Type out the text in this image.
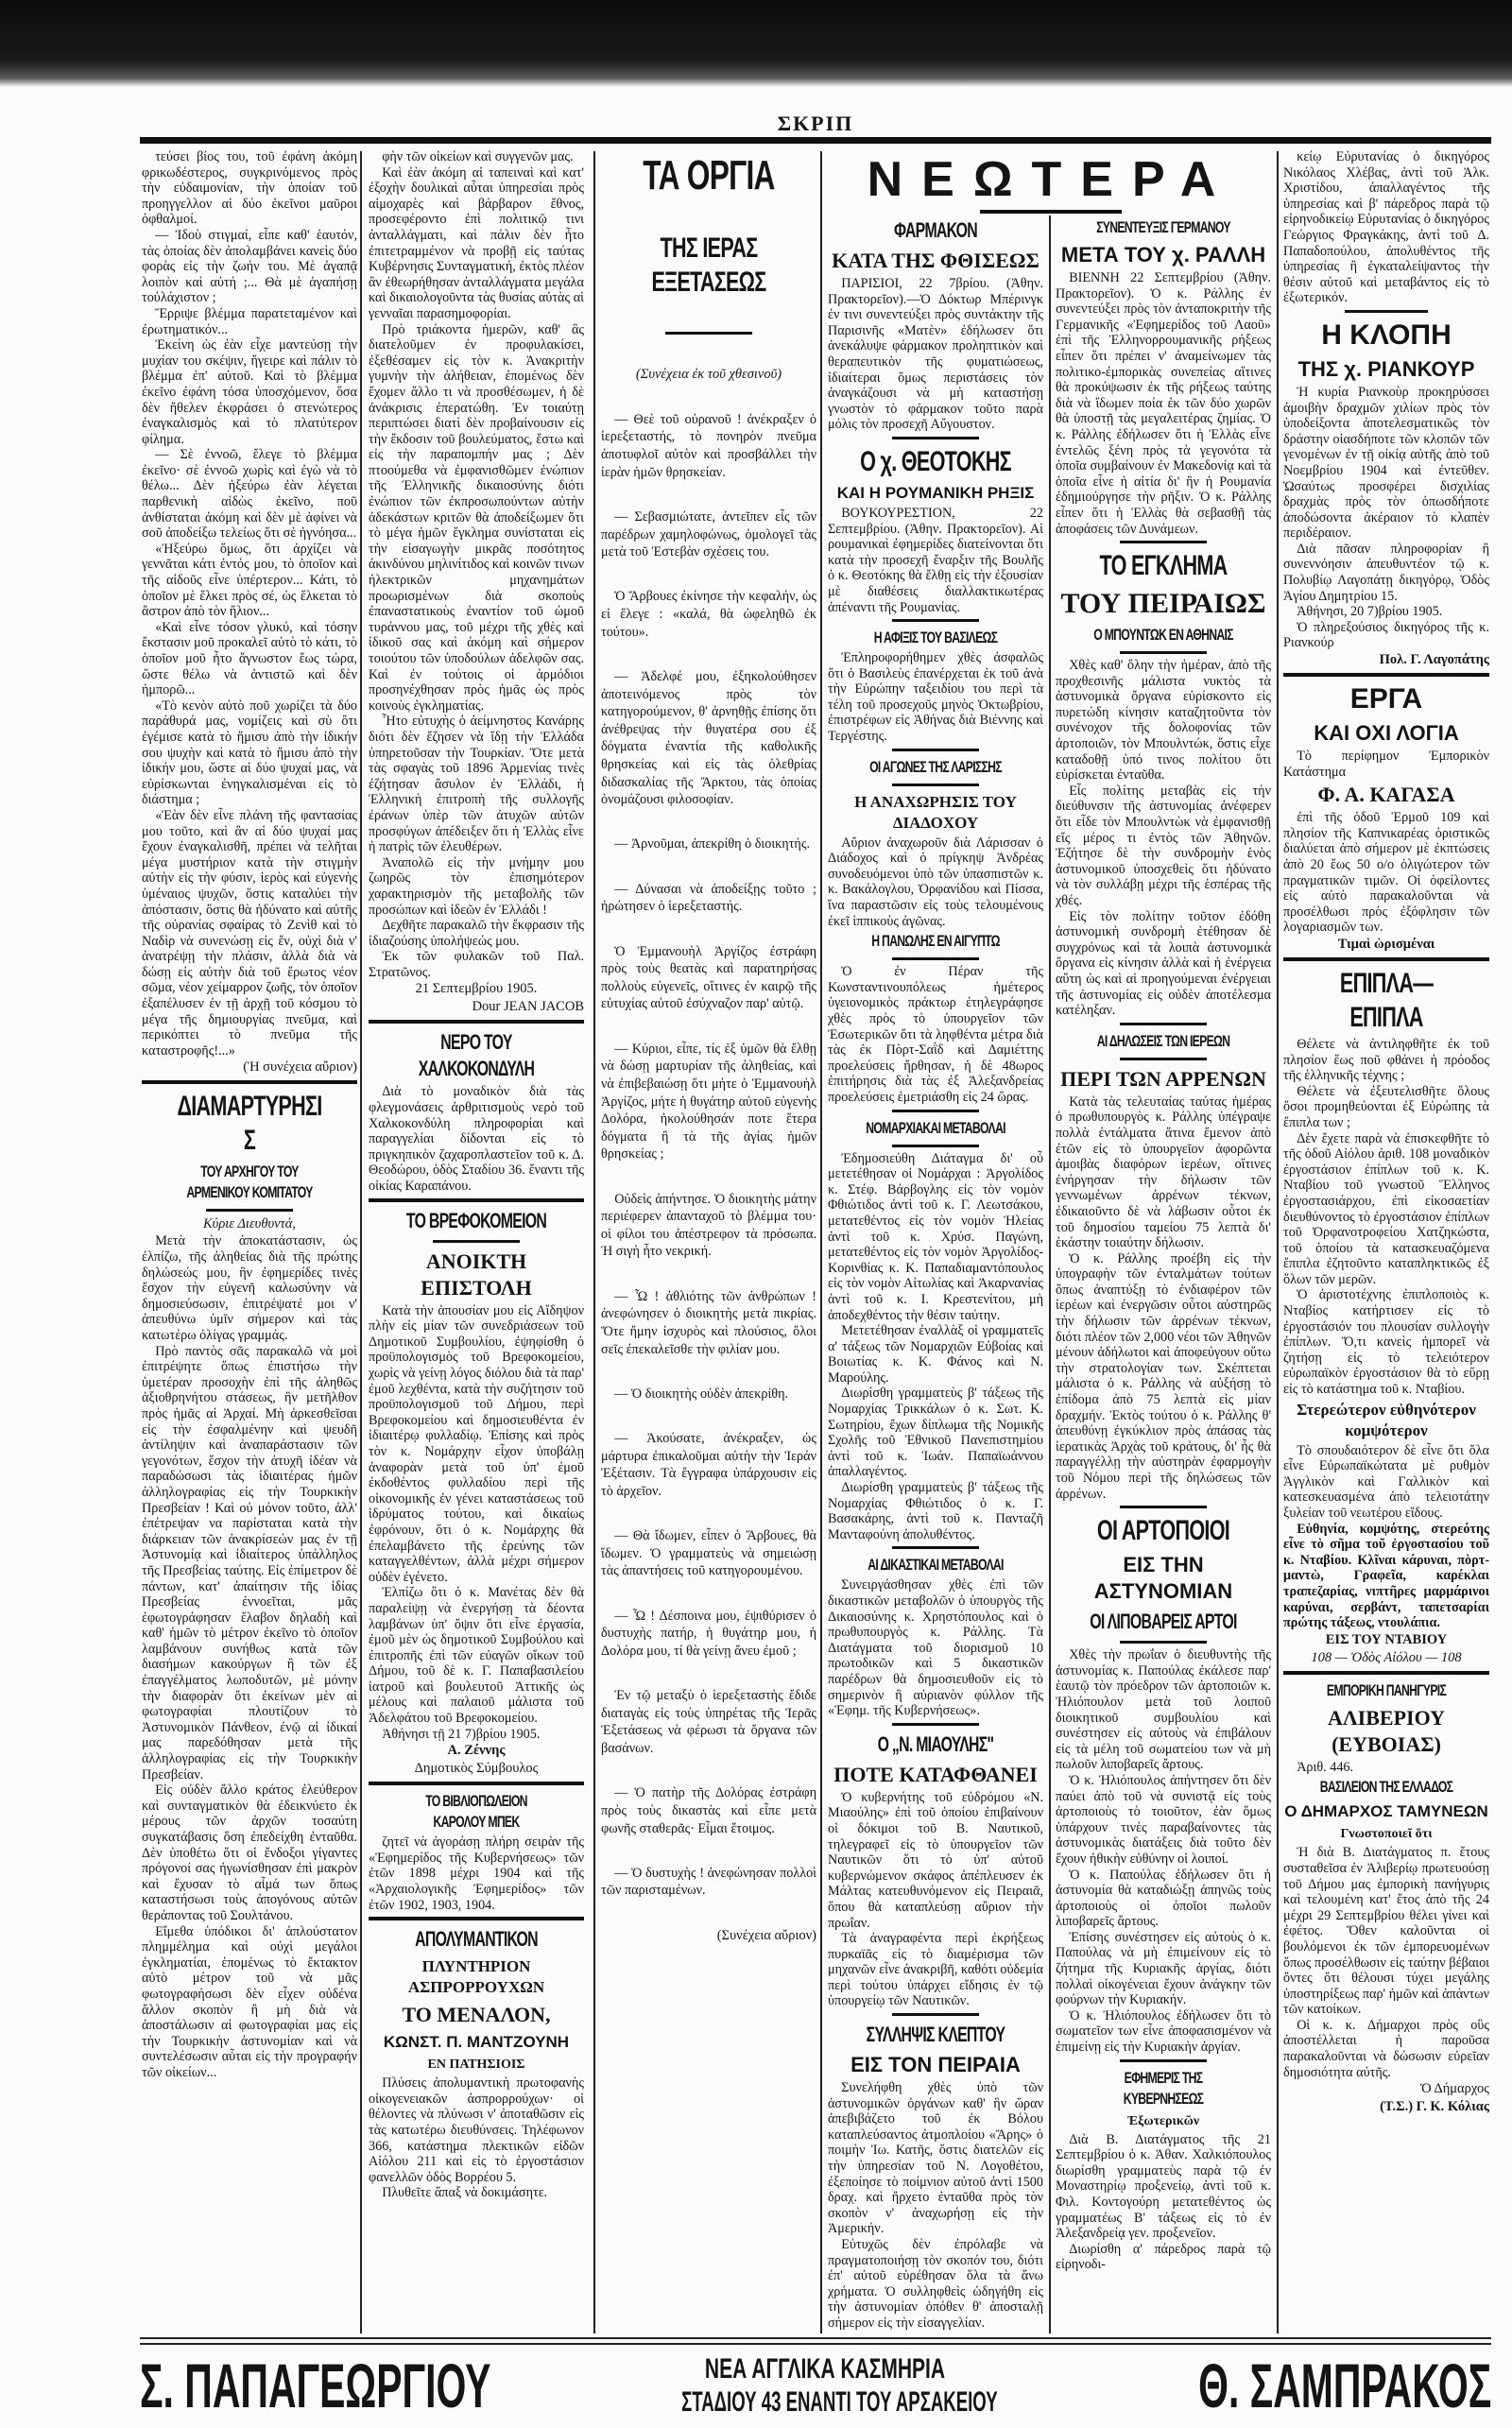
ΣΚΡΙΠ
ΝΕΩΤΕΡΑ

τεύσει βίος του, τοῦ ἐφάνη ἀκόμη φρικωδέστερος, συγκρινόμενος πρὸς τὴν εὐδαιμονίαν, τὴν ὁποίαν τοῦ προηγγελλον αἱ δύο ἐκεῖνοι μαῦροι ὀφθαλμοί.

— Ἰδοὺ στιγμαί, εἶπε καθ' ἑαυτόν, τὰς ὁποίας δὲν ἀπολαμβάνει κανεὶς δύο φορὰς εἰς τὴν ζωήν του. Μὲ ἀγαπᾷ λοιπὸν καὶ αὐτή ;... Θὰ μὲ ἀγαπήσῃ τοὐλάχιστον ;

Ἔρριψε βλέμμα παρατεταμένον καὶ ἐρωτηματικόν...

Ἐκείνη ὡς ἐὰν εἶχε μαντεύσῃ τὴν μυχίαν του σκέψιν, ἤγειρε καὶ πάλιν τὸ βλέμμα ἐπ' αὐτοῦ. Καὶ τὸ βλέμμα ἐκεῖνο ἐφάνη τόσα ὑποσχόμενον, ὅσα δὲν ἤθελεν ἐκφράσει ὁ στενώτερος ἐναγκαλισμὸς καὶ τὸ πλατύτερον φίλημα.

— Σὲ ἐννοῶ, ἔλεγε τὸ βλέμμα ἐκεῖνο· σὲ ἐννοῶ χωρὶς καὶ ἐγὼ νὰ τὸ θέλω... Δὲν ἠξεύρω ἐὰν λέγεται παρθενικὴ αἰδὼς ἐκεῖνο, ποῦ ἀνθίσταται ἀκόμη καὶ δὲν μὲ ἀφίνει νὰ σοῦ ἀποδείξω τελείως ὅτι σὲ ἠγνόησα...

«Ἠξεύρω ὅμως, ὅτι ἀρχίζει νὰ γεννᾶται κάτι ἐντός μου, τὸ ὁποῖον καὶ τῆς αἰδοῦς εἶνε ὑπέρτερον... Κάτι, τὸ ὁποῖον μὲ ἕλκει πρὸς σέ, ὡς ἕλκεται τὸ ἄστρον ἀπὸ τὸν ἥλιον...

«Καὶ εἶνε τόσον γλυκύ, καὶ τόσην ἔκστασιν μοῦ προκαλεῖ αὐτὸ τὸ κάτι, τὸ ὁποῖον μοῦ ἦτο ἄγνωστον ἕως τώρα, ὥστε θέλω νὰ ἀντιστῶ καὶ δὲν ἠμπορῶ...

«Τὸ κενὸν αὐτὸ ποῦ χωρίζει τὰ δύο παράθυρά μας, νομίζεις καὶ σὺ ὅτι ἐγέμισε κατὰ τὸ ἥμισυ ἀπὸ τὴν ἰδικήν σου ψυχὴν καὶ κατὰ τὸ ἥμισυ ἀπὸ τὴν ἰδικήν μου, ὥστε αἱ δύο ψυχαί μας, νὰ εὑρίσκωνται ἐνηγκαλισμέναι εἰς τὸ διάστημα ;

«Ἐὰν δὲν εἶνε πλάνη τῆς φαντασίας μου τοῦτο, καὶ ἂν αἱ δύο ψυχαί μας ἔχουν ἐναγκαλισθῆ, πρέπει νὰ τελῆται μέγα μυστήριον κατὰ τὴν στιγμὴν αὐτὴν εἰς τὴν φύσιν, ἱερὸς καὶ εὐγενὴς ὑμέναιος ψυχῶν, ὅστις καταλύει τὴν ἀπόστασιν, ὅστις θὰ ἠδύνατο καὶ αὐτῆς τῆς οὐρανίας σφαίρας τὸ Ζενὶθ καὶ τὸ Ναδὶρ νὰ συνενώσῃ εἰς ἕν, οὐχὶ διὰ ν' ἀνατρέψῃ τὴν πλάσιν, ἀλλὰ διὰ νὰ δώσῃ εἰς αὐτὴν διὰ τοῦ ἔρωτος νέον σῶμα, νέον χείμαρρον ζωῆς, τὸν ὁποῖον ἐξαπέλυσεν ἐν τῇ ἀρχῇ τοῦ κόσμου τὸ μέγα τῆς δημιουργίας πνεῦμα, καὶ περικόπτει τὸ πνεῦμα τῆς καταστροφῆς!...»

(Ἡ συνέχεια αὔριον)

ΔΙΑΜΑΡΤΥΡΗΣΙΣ
ΤΟΥ ΑΡΧΗΓΟΥ ΤΟΥ ΑΡΜΕΝΙΚΟΥ ΚΟΜΙΤΑΤΟΥ

Κύριε Διευθυντά,

Μετὰ τὴν ἀποκατάστασιν, ὡς ἐλπίζω, τῆς ἀληθείας διὰ τῆς πρώτης δηλώσεώς μου, ἣν ἐφημερίδες τινὲς ἔσχον τὴν εὐγενῆ καλωσύνην νὰ δημοσιεύσωσιν, ἐπιτρέψατέ μοι ν' ἀπευθύνω ὑμῖν σήμερον καὶ τὰς κατωτέρω ὀλίγας γραμμάς.

Πρὸ παντὸς σᾶς παρακαλῶ νὰ μοὶ ἐπιτρέψητε ὅπως ἐπιστήσω τὴν ὑμετέραν προσοχὴν ἐπὶ τῆς ἀληθῶς ἀξιοθρηνήτου στάσεως, ἣν μετῆλθον πρὸς ἡμᾶς αἱ Ἀρχαί. Μὴ ἀρκεσθεῖσαι εἰς τὴν ἐσφαλμένην καὶ ψευδῆ ἀντίληψιν καὶ ἀναπαράστασιν τῶν γεγονότων, ἔσχον τὴν ἀτυχῆ ἰδέαν νὰ παραδώσωσι τὰς ἰδιαιτέρας ἡμῶν ἀλληλογραφίας εἰς τὴν Τουρκικὴν Πρεσβείαν ! Καὶ οὐ μόνον τοῦτο, ἀλλ' ἐπέτρεψαν να παρίσταται κατὰ τὴν διάρκειαν τῶν ἀνακρίσεών μας ἐν τῇ Ἀστυνομίᾳ καὶ ἰδιαίτερος ὑπάλληλος τῆς Πρεσβείας ταύτης. Εἰς ἐπίμετρον δὲ πάντων, κατ' ἀπαίτησιν τῆς ἰδίας Πρεσβείας ἐννοεῖται, μᾶς ἐφωτογράφησαν ἔλαβον δηλαδὴ καὶ καθ' ἡμῶν τὸ μέτρον ἐκεῖνο τὸ ὁποῖον λαμβάνουν συνήθως κατὰ τῶν διασήμων κακούργων ἢ τῶν ἐξ ἐπαγγέλματος λωποδυτῶν, μὲ μόνην τὴν διαφορὰν ὅτι ἐκείνων μὲν αἱ φωτογραφίαι πλουτίζουν τὸ Ἀστυνομικὸν Πάνθεον, ἐνῷ αἱ ἰδικαί μας παρεδόθησαν μετὰ τῆς ἀλληλογραφίας εἰς τὴν Τουρκικὴν Πρεσβείαν.

Εἰς οὐδὲν ἄλλο κράτος ἐλεύθερον καὶ συνταγματικὸν θὰ ἐδεικνύετο ἐκ μέρους τῶν ἀρχῶν τοσαύτη συγκατάβασις ὅση ἐπεδείχθη ἐνταῦθα. Δὲν ὑποθέτω ὅτι οἱ ἔνδοξοι γίγαντες πρόγονοί σας ἠγωνίσθησαν ἐπὶ μακρὸν καὶ ἔχυσαν τὸ αἷμά των ὅπως καταστήσωσι τοὺς ἀπογόνους αὐτῶν θεράποντας τοῦ Σουλτάνου.

Εἴμεθα ὑπόδικοι δι' ἁπλούστατον πλημμέλημα καὶ οὐχὶ μεγάλοι ἐγκληματίαι, ἑπομένως τὸ ἔκτακτον αὐτὸ μέτρον τοῦ νὰ μᾶς φωτογραφήσωσι δὲν εἶχεν οὐδένα ἄλλον σκοπὸν ἢ μὴ διὰ νὰ ἀποστάλωσιν αἱ φωτογραφίαι μας εἰς τὴν Τουρκικὴν ἀστυνομίαν καὶ νὰ συντελέσωσιν αὗται εἰς τὴν προγραφήν τῶν οἰκείων...

φὴν τῶν οἰκείων καὶ συγγενῶν μας.

Καὶ ἐὰν ἀκόμη αἱ ταπειναὶ καὶ κατ' ἐξοχὴν δουλικαὶ αὗται ὑπηρεσίαι πρὸς αἱμοχαρὲς καὶ βάρβαρον ἔθνος, προσεφέροντο ἐπὶ πολιτικῷ τινι ἀνταλλάγματι, καὶ πάλιν δὲν ἦτο ἐπιτετραμμένον νὰ προβῇ εἰς ταύτας Κυβέρνησις Συνταγματική, ἐκτὸς πλέον ἂν ἐθεωρήθησαν ἀνταλλάγματα μεγάλα καὶ δικαιολογοῦντα τὰς θυσίας αὐτὰς αἱ γενναῖαι παρασημοφορίαι.

Πρὸ τριάκοντα ἡμερῶν, καθ' ἃς διατελοῦμεν ἐν προφυλακίσει, ἐξεθέσαμεν εἰς τὸν κ. Ἀνακριτὴν γυμνὴν τὴν ἀλήθειαν, ἐπομένως δὲν ἔχομεν ἄλλο τι νὰ προσθέσωμεν, ἡ δὲ ἀνάκρισις ἐπερατώθη. Ἐν τοιαύτῃ περιπτώσει διατὶ δὲν προβαίνουσιν εἰς τὴν ἔκδοσιν τοῦ βουλεύματος, ἔστω καὶ εἰς τὴν παραπομπήν μας ; Δὲν πτοούμεθα νὰ ἐμφανισθῶμεν ἐνώπιον τῆς Ἑλληνικῆς δικαιοσύνης διότι ἐνώπιον τῶν ἐκπροσωπούντων αὐτὴν ἀδεκάστων κριτῶν θὰ ἀποδείξωμεν ὅτι τὸ μέγα ἡμῶν ἔγκλημα συνίσταται εἰς τὴν εἰσαγωγὴν μικρᾶς ποσότητος ἀκινδύνου μηλινίτιδος καὶ κοινῶν τινων ἠλεκτρικῶν μηχανημάτων προωρισμένων διὰ σκοποὺς ἐπαναστατικοὺς ἐναντίον τοῦ ὠμοῦ τυράννου μας, τοῦ μέχρι τῆς χθὲς καὶ ἰδικοῦ σας καὶ ἀκόμη καὶ σήμερον τοιούτου τῶν ὑποδούλων ἀδελφῶν σας. Καὶ ἐν τούτοις οἱ ἁρμόδιοι προσηνέχθησαν πρὸς ἡμᾶς ὡς πρὸς κοινοὺς ἐγκληματίας.

Ἦτο εὐτυχὴς ὁ ἀείμνηστος Κανάρης διότι δὲν ἔζησεν νὰ ἴδῃ τὴν Ἑλλάδα ὑπηρετοῦσαν τὴν Τουρκίαν. Ὅτε μετὰ τὰς σφαγὰς τοῦ 1896 Ἀρμενίας τινὲς ἐζήτησαν ἄσυλον ἐν Ἑλλάδι, ἡ Ἑλληνικὴ ἐπιτροπὴ τῆς συλλογῆς ἐράνων ὑπὲρ τῶν ἀτυχῶν αὐτῶν προσφύγων ἀπέδειξεν ὅτι ἡ Ἑλλὰς εἶνε ἡ πατρὶς τῶν ἐλευθέρων.

Ἀναπολῶ εἰς τὴν μνήμην μου ζωηρῶς τὸν ἐπισημότερον χαρακτηρισμὸν τῆς μεταβολῆς τῶν προσώπων καὶ ἰδεῶν ἐν Ἑλλάδι !

Δεχθῆτε παρακαλῶ τὴν ἔκφρασιν τῆς ἰδιαζούσης ὑπολήψεώς μου.

Ἐκ τῶν φυλακῶν τοῦ Παλ. Στρατῶνος.

21 Σεπτεμβρίου 1905.

Dour JEAN JACOB

ΝΕΡΟ ΤΟΥ ΧΑΛΚΟΚΟΝΔΥΛΗ

Διὰ τὸ μοναδικὸν διὰ τὰς φλεγμονάσεις ἀρθριτισμοὺς νερὸ τοῦ Χαλκοκονδύλη πληροφορίαι καὶ παραγγελίαι δίδονται εἰς τὸ πριγκηπικὸν ζαχαροπλαστεῖον τοῦ κ. Δ. Θεοδώρου, ὁδὸς Σταδίου 36. ἔναντι τῆς οἰκίας Καραπάνου.

ΤΟ ΒΡΕΦΟΚΟΜΕΙΟΝ
ΑΝΟΙΚΤΗ ΕΠΙΣΤΟΛΗ

Κατὰ τὴν ἀπουσίαν μου εἰς Αἴδηψον πλὴν εἰς μίαν τῶν συνεδριάσεων τοῦ Δημοτικοῦ Συμβουλίου, ἐψηφίσθη ὁ προϋπολογισμὸς τοῦ Βρεφοκομείου, χωρὶς νὰ γείνῃ λόγος διόλου διὰ τὰ παρ' ἐμοῦ λεχθέντα, κατὰ τὴν συζήτησιν τοῦ προϋπολογισμοῦ τοῦ Δήμου, περὶ Βρεφοκομείου καὶ δημοσιευθέντα ἐν ἰδιαιτέρῳ φυλλαδίῳ. Ἐπίσης καὶ πρὸς τὸν κ. Νομάρχην εἶχον ὑποβάλῃ ἀναφορὰν μετὰ τοῦ ὑπ' ἐμοῦ ἐκδοθέντος φυλλαδίου περὶ τῆς οἰκονομικῆς ἐν γένει καταστάσεως τοῦ ἱδρύματος τούτου, καὶ δικαίως ἐφρόνουν, ὅτι ὁ κ. Νομάρχης θὰ ἐπελαμβάνετο τῆς ἐρεύνης τῶν καταγγελθέντων, ἀλλὰ μέχρι σήμερον οὐδὲν ἐγένετο.

Ἐλπίζω ὅτι ὁ κ. Μανέτας δὲν θὰ παραλείψῃ νὰ ἐνεργήσῃ τὰ δέοντα λαμβάνων ὑπ' ὄψιν ὅτι εἶνε ἐργασία, ἐμοῦ μὲν ὡς δημοτικοῦ Συμβούλου καὶ ἐπιτροπῆς ἐπὶ τῶν εὐαγῶν οἴκων τοῦ Δήμου, τοῦ δὲ κ. Γ. Παπαβασιλείου ἰατροῦ καὶ βουλευτοῦ Ἀττικῆς ὡς μέλους καὶ παλαιοῦ μάλιστα τοῦ Ἀδελφάτου τοῦ Βρεφοκομείου.

Ἀθήνησι τῇ 21 7)βρίου 1905.

Α. Ζέννης

Δημοτικὸς Σύμβουλος

ΤΟ ΒΙΒΛΙΟΠΩΛΕΙΟΝ ΚΑΡΟΛΟΥ ΜΠΕΚ

ζητεῖ νὰ ἀγοράσῃ πλήρη σειρὰν τῆς «Ἐφημερίδος τῆς Κυβερνήσεως» τῶν ἐτῶν 1898 μέχρι 1904 καὶ τῆς «Ἀρχαιολογικῆς Ἐφημερίδος» τῶν ἐτῶν 1902, 1903, 1904.

ΑΠΟΛΥΜΑΝΤΙΚΟΝ
ΠΛΥΝΤΗΡΙΟΝ ΑΣΠΡΟΡΡΟΥΧΩΝ
ΤΟ ΜΕΝΑΛΟΝ,
ΚΩΝΣΤ. Π. ΜΑΝΤΖΟΥΝΗ
ΕΝ ΠΑΤΗΣΙΟΙΣ

Πλύσεις ἀπολυμαντικὴ πρωτοφανὴς οἰκογενειακῶν ἀσπρορρούχων· οἱ θέλοντες νὰ πλύνωσι ν' ἀποταθῶσιν εἰς τὰς κατωτέρω διευθύνσεις. Τηλέφωνον 366, κατάστημα πλεκτικῶν εἰδῶν Αἰόλου 211 καὶ εἰς τὸ ἐργοστάσιον φανελλῶν ὁδὸς Βορρέου 5.

Πλυθεῖτε ἅπαξ νὰ δοκιμάσητε.

ΤΑ ΟΡΓΙΑ
ΤΗΣ ΙΕΡΑΣ ΕΞΕΤΑΣΕΩΣ

(Συνέχεια ἐκ τοῦ χθεσινοῦ)

— Θεὲ τοῦ οὐρανοῦ ! ἀνέκραξεν ὁ ἱερεξεταστής, τὸ πονηρὸν πνεῦμα ἀποτυφλοῖ αὐτὸν καὶ προσβάλλει τὴν ἱερὰν ἡμῶν θρησκείαν.

— Σεβασμιώτατε, ἀντεῖπεν εἷς τῶν παρέδρων χαμηλοφώνως, ὁμολογεῖ τὰς μετὰ τοῦ Ἐστεβὰν σχέσεις του.

Ὁ Ἄρβουες ἐκίνησε τὴν κεφαλήν, ὡς εἰ ἔλεγε : «καλά, θὰ ὠφεληθῶ ἐκ τούτου».

— Ἀδελφέ μου, ἐξηκολούθησεν ἀποτεινόμενος πρὸς τὸν κατηγορούμενον, θ' ἀρνηθῇς ἐπίσης ὅτι ἀνέθρεψας τὴν θυγατέρα σου ἐξ δόγματα ἐναντία τῆς καθολικῆς θρησκείας καὶ εἰς τὰς ὀλεθρίας διδασκαλίας τῆς Ἄρκτου, τὰς ὁποίας ὀνομάζουσι φιλοσοφίαν.

— Ἀρνοῦμαι, ἀπεκρίθη ὁ διοικητής.

— Δύνασαι νὰ ἀποδείξῃς τοῦτο ; ἠρώτησεν ὁ ἱερεξεταστής.

Ὁ Ἐμμανουὴλ Ἀργίζος ἐστράφη πρὸς τοὺς θεατὰς καὶ παρατηρήσας πολλοὺς εὐγενεῖς, οἵτινες ἐν καιρῷ τῆς εὐτυχίας αὐτοῦ ἐσύχναζον παρ' αὐτῷ.

— Κύριοι, εἶπε, τίς ἐξ ὑμῶν θὰ ἔλθῃ νὰ δώσῃ μαρτυρίαν τῆς ἀληθείας, καὶ νὰ ἐπιβεβαιώσῃ ὅτι μήτε ὁ Ἐμμανουὴλ Ἀργίζος, μήτε ἡ θυγάτηρ αὐτοῦ εὐγενὴς Δολόρα, ἠκολούθησάν ποτε ἕτερα δόγματα ἢ τὰ τῆς ἁγίας ἡμῶν θρησκείας ;

Οὐδεὶς ἀπήντησε. Ὁ διοικητὴς μάτην περιέφερεν ἀπανταχοῦ τὸ βλέμμα του· οἱ φίλοι του ἀπέστρεφον τὰ πρόσωπα. Ἡ σιγὴ ἦτο νεκρική.

— Ὦ ! ἀθλιότης τῶν ἀνθρώπων ! ἀνεφώνησεν ὁ διοικητὴς μετὰ πικρίας. Ὅτε ἤμην ἰσχυρὸς καὶ πλούσιος, ὅλοι σεῖς ἐπεκαλεῖσθε τὴν φιλίαν μου.

— Ὁ διοικητὴς οὐδὲν ἀπεκρίθη.

— Ἀκούσατε, ἀνέκραξεν, ὡς μάρτυρα ἐπικαλοῦμαι αὐτὴν τὴν Ἱεράν Ἐξέτασιν. Τὰ ἔγγραφα ὑπάρχουσιν εἰς τὸ ἀρχεῖον.

— Θὰ ἴδωμεν, εἶπεν ὁ Ἄρβουες, θὰ ἴδωμεν. Ὁ γραμματεὺς νὰ σημειώσῃ τὰς ἀπαντήσεις τοῦ κατηγορουμένου.

— Ὦ ! Δέσποινα μου, ἐψιθύρισεν ὁ δυστυχὴς πατήρ, ἡ θυγάτηρ μου, ἡ Δολόρα μου, τί θὰ γείνῃ ἄνευ ἐμοῦ ;

Ἐν τῷ μεταξὺ ὁ ἱερεξεταστὴς ἔδιδε διαταγὰς εἰς τοὺς ὑπηρέτας τῆς Ἱερᾶς Ἐξετάσεως νὰ φέρωσι τὰ ὄργανα τῶν βασάνων.

— Ὁ πατὴρ τῆς Δολόρας ἐστράφη πρὸς τοὺς δικαστὰς καὶ εἶπε μετὰ φωνῆς σταθερᾶς· Εἶμαι ἕτοιμος.

— Ὁ δυστυχὴς ! ἀνεφώνησαν πολλοὶ τῶν παρισταμένων.

(Συνέχεια αὔριον)

ΦΑΡΜΑΚΟΝ
ΚΑΤΑ ΤΗΣ ΦΘΙΣΕΩΣ

ΠΑΡΙΣΙΟΙ, 22 7βρίου. (Ἀθην. Πρακτορεῖον).—Ὁ Δόκτωρ Μπέρινγκ ἐν τινι συνεντεύξει πρὸς συντάκτην τῆς Παρισινῆς «Ματὲν» ἐδήλωσεν ὅτι ἀνεκάλυψε φάρμακον προληπτικὸν καὶ θεραπευτικὸν τῆς φυματιώσεως, ἰδιαίτεραι ὅμως περιστάσεις τὸν ἀναγκάζουσι νὰ μὴ καταστήσῃ γνωστὸν τὸ φάρμακον τοῦτο παρὰ μόλις τὸν προσεχῆ Αὔγουστον.

Ο χ. ΘΕΟΤΟΚΗΣ
ΚΑΙ Η ΡΟΥΜΑΝΙΚΗ ΡΗΞΙΣ

ΒΟΥΚΟΥΡΕΣΤΙΟΝ, 22 Σεπτεμβρίου. (Ἀθην. Πρακτορεῖον). Αἱ ρουμανικαὶ ἐφημερίδες διατείνονται ὅτι κατὰ τὴν προσεχῆ ἔναρξιν τῆς Βουλῆς ὁ κ. Θεοτόκης θὰ ἔλθῃ εἰς τὴν ἐξουσίαν μὲ διαθέσεις διαλλακτικωτέρας ἀπέναντι τῆς Ρουμανίας.

Η ΑΦΙΞΙΣ ΤΟΥ ΒΑΣΙΛΕΩΣ

Ἐπληροφορήθημεν χθὲς ἀσφαλῶς ὅτι ὁ Βασιλεὺς ἐπανέρχεται ἐκ τοῦ ἀνὰ τὴν Εὐρώπην ταξειδίου του περὶ τὰ τέλη τοῦ προσεχοῦς μηνὸς Ὀκτωβρίου, ἐπιστρέφων εἰς Ἀθήνας διὰ Βιέννης καὶ Τεργέστης.

ΟΙ ΑΓΩΝΕΣ ΤΗΣ ΛΑΡΙΣΣΗΣ
Η ΑΝΑΧΩΡΗΣΙΣ ΤΟΥ ΔΙΑΔΟΧΟΥ

Αὔριον ἀναχωροῦν διὰ Λάρισσαν ὁ Διάδοχος καὶ ὁ πρίγκηψ Ἀνδρέας συνοδευόμενοι ὑπὸ τῶν ὑπασπιστῶν κ. κ. Βακάλογλου, Ὀρφανίδου καὶ Πίσσα, ἵνα παραστῶσιν εἰς τοὺς τελουμένους ἐκεῖ ἱππικοὺς ἀγῶνας.

Η ΠΑΝΩΛΗΣ ΕΝ ΑΙΓΥΠΤΩ

Ὁ ἐν Πέραν τῆς Κωνσταντινουπόλεως ἡμέτερος ὑγειονομικὸς πράκτωρ ἐτηλεγράφησε χθὲς πρὸς τὸ ὑπουργεῖον τῶν Ἐσωτερικῶν ὅτι τὰ ληφθέντα μέτρα διὰ τὰς ἐκ Πὸρτ-Σαῒδ καὶ Δαμιέττης προελεύσεις ἤρθησαν, ἡ δὲ 48ωρος ἐπιτήρησις διὰ τὰς ἐξ Ἀλεξανδρείας προελεύσεις ἐμετριάσθη εἰς 24 ὥρας.

ΝΟΜΑΡΧΙΑΚΑΙ ΜΕΤΑΒΟΛΑΙ

Ἐδημοσιεύθη Διάταγμα δι' οὗ μετετέθησαν οἱ Νομάρχαι : Ἀργολίδος κ. Στέφ. Βάρβογλης εἰς τὸν νομὸν Φθιώτιδος ἀντὶ τοῦ κ. Γ. Λεωτσάκου, μετατεθέντος εἰς τὸν νομὸν Ἠλείας ἀντὶ τοῦ κ. Χρύσ. Παγώνη, μετατεθέντος εἰς τὸν νομὸν Ἀργολίδος-Κορινθίας κ. Κ. Παπαδιαμαντόπουλος εἰς τὸν νομὸν Αἰτωλίας καὶ Ἀκαρνανίας ἀντὶ τοῦ κ. Ι. Κρεστενίτου, μὴ ἀποδεχθέντος τὴν θέσιν ταύτην.

Μετετέθησαν ἐναλλὰξ οἱ γραμματεῖς α' τάξεως τῶν Νομαρχιῶν Εὐβοίας καὶ Βοιωτίας κ. Κ. Φάνος καὶ Ν. Μαρούλης.

Διωρίσθη γραμματεὺς β' τάξεως τῆς Νομαρχίας Τρικκάλων ὁ κ. Σωτ. Κ. Σωτηρίου, ἔχων δίπλωμα τῆς Νομικῆς Σχολῆς τοῦ Ἐθνικοῦ Πανεπιστημίου ἀντὶ τοῦ κ. Ἰωάν. Παπαϊωάννου ἀπαλλαγέντος.

Διωρίσθη γραμματεὺς β' τάξεως τῆς Νομαρχίας Φθιώτιδος ὁ κ. Γ. Βασακάρης, ἀντὶ τοῦ κ. Πανταζῆ Μανταφούνη ἀπολυθέντος.

ΑΙ ΔΙΚΑΣΤΙΚΑΙ ΜΕΤΑΒΟΛΑΙ

Συνειργάσθησαν χθὲς ἐπὶ τῶν δικαστικῶν μεταβολῶν ὁ ὑπουργὸς τῆς Δικαιοσύνης κ. Χρηστόπουλος καὶ ὁ πρωθυπουργὸς κ. Ράλλης. Τὰ Διατάγματα τοῦ διορισμοῦ 10 πρωτοδικῶν καὶ 5 δικαστικῶν παρέδρων θὰ δημοσιευθοῦν εἰς τὸ σημερινὸν ἢ αὐριανὸν φύλλον τῆς «Ἐφημ. τῆς Κυβερνήσεως».

Ο „Ν. ΜΙΑΟΥΛΗΣ"
ΠΟΤΕ ΚΑΤΑΦΘΑΝΕΙ

Ὁ κυβερνήτης τοῦ εὐδρόμου «Ν. Μιαούλης» ἐπὶ τοῦ ὁποίου ἐπιβαίνουν οἱ δόκιμοι τοῦ Β. Ναυτικοῦ, τηλεγραφεῖ εἰς τὸ ὑπουργεῖον τῶν Ναυτικῶν ὅτι τὸ ὑπ' αὐτοῦ κυβερνώμενον σκάφος ἀπέπλευσεν ἐκ Μάλτας κατευθυνόμενον εἰς Πειραιᾶ, ὅπου θὰ καταπλεύσῃ αὔριον τὴν πρωΐαν.

Τὰ ἀναγραφέντα περὶ ἐκρήξεως πυρκαϊᾶς εἰς τὸ διαμέρισμα τῶν μηχανῶν εἶνε ἀνακριβῆ, καθότι οὐδεμία περὶ τούτου ὑπάρχει εἴδησις ἐν τῷ ὑπουργείῳ τῶν Ναυτικῶν.

ΣΥΛΛΗΨΙΣ ΚΛΕΠΤΟΥ
ΕΙΣ ΤΟΝ ΠΕΙΡΑΙΑ

Συνελήφθη χθὲς ὑπὸ τῶν ἀστυνομικῶν ὀργάνων καθ' ἣν ὥραν ἀπεβιβάζετο τοῦ ἐκ Βόλου καταπλεύσαντος ἀτμοπλοίου «Ἄρης» ὁ ποιμὴν Ἰω. Κατῆς, ὅστις διατελῶν εἰς τὴν ὑπηρεσίαν τοῦ Ν. Λογοθέτου, ἐξεποίησε τὸ ποίμνιον αὐτοῦ ἀντὶ 1500 δραχ. καὶ ἤρχετο ἐνταῦθα πρὸς τὸν σκοπὸν ν' ἀναχωρήσῃ εἰς τὴν Ἀμερικήν.

Εὐτυχῶς δὲν ἐπρόλαβε νὰ πραγματοποιήσῃ τὸν σκοπόν του, διότι ἐπ' αὐτοῦ εὑρέθησαν ὅλα τὰ ἄνω χρήματα. Ὁ συλληφθεὶς ὡδηγήθη εἰς τὴν ἀστυνομίαν ὁπόθεν θ' ἀποσταλῇ σήμερον εἰς τὴν εἰσαγγελίαν.

ΣΥΝΕΝΤΕΥΞΙΣ ΓΕΡΜΑΝΟΥ
ΜΕΤΑ ΤΟΥ χ. ΡΑΛΛΗ

ΒΙΕΝΝΗ 22 Σεπτεμβρίου (Ἀθην. Πρακτορεῖον). Ὁ κ. Ράλλης ἐν συνεντεύξει πρὸς τὸν ἀνταποκριτὴν τῆς Γερμανικῆς «Ἐφημερίδος τοῦ Λαοῦ» ἐπὶ τῆς Ἑλληνορρουμανικῆς ρήξεως εἶπεν ὅτι πρέπει ν' ἀναμείνωμεν τὰς πολιτικο-ἐμπορικὰς συνεπείας αἵτινες θὰ προκύψωσιν ἐκ τῆς ρήξεως ταύτης διὰ νὰ ἴδωμεν ποία ἐκ τῶν δύο χωρῶν θὰ ὑποστῇ τὰς μεγαλειτέρας ζημίας. Ὁ κ. Ράλλης ἐδήλωσεν ὅτι ἡ Ἑλλὰς εἶνε ἐντελῶς ξένη πρὸς τὰ γεγονότα τὰ ὁποῖα συμβαίνουν ἐν Μακεδονίᾳ καὶ τὰ ὁποῖα εἶνε ἡ αἰτία δι' ἣν ἡ Ρουμανία ἐδημιούργησε τὴν ρῆξιν. Ὁ κ. Ράλλης εἶπεν ὅτι ἡ Ἑλλὰς θὰ σεβασθῇ τὰς ἀποφάσεις τῶν Δυνάμεων.

ΤΟ ΕΓΚΛΗΜΑ
ΤΟΥ ΠΕΙΡΑΙΩΣ
Ο ΜΠΟΥΝΤΩΚ ΕΝ ΑΘΗΝΑΙΣ

Χθὲς καθ' ὅλην τὴν ἡμέραν, ἀπὸ τῆς προχθεσινῆς μάλιστα νυκτὸς τὰ ἀστυνομικὰ ὄργανα εὑρίσκοντο εἰς πυρετώδη κίνησιν καταζητοῦντα τὸν συνένοχον τῆς δολοφονίας τῶν ἀρτοποιῶν, τὸν Μπουλντώκ, ὅστις εἶχε καταδοθῇ ὑπό τινος πολίτου ὅτι εὑρίσκεται ἐνταῦθα.

Εἷς πολίτης μεταβὰς εἰς τὴν διεύθυνσιν τῆς ἀστυνομίας ἀνέφερεν ὅτι εἶδε τὸν Μπουλντὼκ νὰ ἐμφανισθῇ εἴς μέρος τι ἐντὸς τῶν Ἀθηνῶν. Ἐζήτησε δὲ τὴν συνδρομὴν ἑνὸς ἀστυνομικοῦ ὑποσχεθεὶς ὅτι ἠδύνατο νὰ τὸν συλλάβῃ μέχρι τῆς ἑσπέρας τῆς χθές.

Εἰς τὸν πολίτην τοῦτον ἐδόθη ἀστυνομικὴ συνδρομὴ ἐτέθησαν δὲ συγχρόνως καὶ τὰ λοιπὰ ἀστυνομικὰ ὄργανα εἰς κίνησιν ἀλλὰ καὶ ἡ ἐνέργεια αὕτη ὡς καὶ αἱ προηγούμεναι ἐνέργειαι τῆς ἀστυνομίας εἰς οὐδὲν ἀποτέλεσμα κατέληξαν.

ΑΙ ΔΗΛΩΣΕΙΣ ΤΩΝ ΙΕΡΕΩΝ
ΠΕΡΙ ΤΩΝ ΑΡΡΕΝΩΝ

Κατὰ τὰς τελευταίας ταύτας ἡμέρας ὁ πρωθυπουργὸς κ. Ράλλης ὑπέγραψε πολλὰ ἐντάλματα ἅτινα ἔμενον ἀπὸ ἐτῶν εἰς τὸ ὑπουργεῖον ἀφορῶντα ἀμοιβὰς διαφόρων ἱερέων, οἵτινες ἐνήργησαν τὴν δήλωσιν τῶν γεννωμένων ἀρρένων τέκνων, ἐδικαιοῦντο δὲ νὰ λάβωσιν οὗτοι ἐκ τοῦ δημοσίου ταμείου 75 λεπτὰ δι' ἑκάστην τοιαύτην δήλωσιν.

Ὁ κ. Ράλλης προέβη εἰς τὴν ὑπογραφὴν τῶν ἐνταλμάτων τούτων ὅπως ἀναπτύξῃ τὸ ἐνδιαφέρον τῶν ἱερέων καὶ ἐνεργῶσιν οὗτοι αὐστηρῶς τὴν δήλωσιν τῶν ἀρρένων τέκνων, διότι πλέον τῶν 2,000 νέοι τῶν Ἀθηνῶν μένουν ἀδήλωτοι καὶ ἀποφεύγουν οὕτω τὴν στρατολογίαν των. Σκέπτεται μάλιστα ὁ κ. Ράλλης νὰ αὐξήσῃ τὸ ἐπίδομα ἀπὸ 75 λεπτὰ εἰς μίαν δραχμήν. Ἐκτὸς τούτου ὁ κ. Ράλλης θ' ἀπευθύνῃ ἐγκύκλιον πρὸς ἁπάσας τὰς ἱερατικὰς Ἀρχὰς τοῦ κράτους, δι' ἧς θὰ παραγγέλλῃ τὴν αὐστηρὰν ἐφαρμογὴν τοῦ Νόμου περὶ τῆς δηλώσεως τῶν ἀρρένων.

ΟΙ ΑΡΤΟΠΟΙΟΙ
ΕΙΣ ΤΗΝ ΑΣΤΥΝΟΜΙΑΝ
ΟΙ ΛΙΠΟΒΑΡΕΙΣ ΑΡΤΟΙ

Χθὲς τὴν πρωΐαν ὁ διευθυντὴς τῆς ἀστυνομίας κ. Παπούλας ἐκάλεσε παρ' ἑαυτῷ τὸν πρόεδρον τῶν ἀρτοποιῶν κ. Ἠλιόπουλον μετὰ τοῦ λοιποῦ διοικητικοῦ συμβουλίου καὶ συνέστησεν εἰς αὐτοὺς νὰ ἐπιβάλουν εἰς τὰ μέλη τοῦ σωματείου των νὰ μὴ πωλοῦν λιποβαρεῖς ἄρτους.

Ὁ κ. Ἠλιόπουλος ἀπήντησεν ὅτι δὲν παύει ἀπὸ τοῦ νὰ συνιστᾷ εἰς τοὺς ἀρτοποιοὺς τὸ τοιοῦτον, ἐὰν ὅμως ὑπάρχουν τινὲς παραβαίνοντες τὰς ἀστυνομικὰς διατάξεις διὰ τοῦτο δὲν ἔχουν ἠθικὴν εὐθύνην οἱ λοιποί.

Ὁ κ. Παπούλας ἐδήλωσεν ὅτι ἡ ἀστυνομία θὰ καταδιώξῃ ἀπηνῶς τοὺς ἀρτοποιοὺς οἱ ὁποῖοι πωλοῦν λιποβαρεῖς ἄρτους.

Ἐπίσης συνέστησεν εἰς αὐτοὺς ὁ κ. Παπούλας νὰ μὴ ἐπιμείνουν εἰς τὸ ζήτημα τῆς Κυριακῆς ἀργίας, διότι πολλαὶ οἰκογένειαι ἔχουν ἀνάγκην τῶν φούρνων τὴν Κυριακήν.

Ὁ κ. Ἠλιόπουλος ἐδήλωσεν ὅτι τὸ σωματεῖον των εἶνε ἀποφασισμένον νὰ ἐπιμείνῃ εἰς τὴν Κυριακὴν ἀργίαν.

ΕΦΗΜΕΡΙΣ ΤΗΣ ΚΥΒΕΡΝΗΣΕΩΣ
Ἐξωτερικῶν

Διὰ Β. Διατάγματος τῆς 21 Σεπτεμβρίου ὁ κ. Ἀθαν. Χαλκιόπουλος διωρίσθη γραμματεὺς παρὰ τῷ ἐν Μοναστηρίῳ προξενείῳ, ἀντὶ τοῦ κ. Φιλ. Κοντογούρη μετατεθέντος ὡς γραμματέως Β' τάξεως εἰς τὸ ἐν Ἀλεξανδρείᾳ γεν. προξενεῖον.

Διωρίσθη α' πάρεδρος παρὰ τῷ εἰρηνοδι-

κείῳ Εὐρυτανίας ὁ δικηγόρος Νικόλαος Χλέβας, ἀντὶ τοῦ Ἀλκ. Χριστίδου, ἀπαλλαγέντος τῆς ὑπηρεσίας καὶ β' πάρεδρος παρὰ τῷ εἰρηνοδικείῳ Εὐρυτανίας ὁ δικηγόρος Γεώργιος Φραγκάκης, ἀντὶ τοῦ Δ. Παπαδοπούλου, ἀπολυθέντος τῆς ὑπηρεσίας ἢ ἐγκαταλείψαντος τὴν θέσιν αὐτοῦ καὶ μεταβάντος εἰς τὸ ἐξωτερικόν.

Η ΚΛΟΠΗ
ΤΗΣ χ. ΡΙΑΝΚΟΥΡ

Ἡ κυρία Ριανκοὺρ προκηρύσσει ἀμοιβὴν δραχμῶν χιλίων πρὸς τὸν ὑποδείξοντα ἀποτελεσματικῶς τὸν δράστην οἱασδήποτε τῶν κλοπῶν τῶν γενομένων ἐν τῇ οἰκίᾳ αὐτῆς ἀπὸ τοῦ Νοεμβρίου 1904 καὶ ἐντεῦθεν. Ὡσαύτως προσφέρει δισχιλίας δραχμὰς πρὸς τὸν ὁπωσδήποτε ἀποδώσοντα ἀκέραιον τὸ κλαπὲν περιδέραιον.

Διὰ πᾶσαν πληροφορίαν ἢ συνεννόησιν ἀπευθυντέον τῷ κ. Πολυβίῳ Λαγοπάτῃ δικηγόρῳ, Ὁδὸς Ἁγίου Δημητρίου 15.

Ἀθήνησι, 20 7)βρίου 1905.

Ὁ πληρεξούσιος δικηγόρος τῆς κ. Ριανκούρ

Πολ. Γ. Λαγοπάτης

ΕΡΓΑ
ΚΑΙ ΟΧΙ ΛΟΓΙΑ

Τὸ περίφημον Ἐμπορικὸν Κατάστημα

Φ. Α. ΚΑΓΑΣΑ

ἐπὶ τῆς ὁδοῦ Ἑρμοῦ 109 καὶ πλησίον τῆς Καπνικαρέας ὁριστικῶς διαλύεται ἀπὸ σήμερον μὲ ἐκπτώσεις ἀπὸ 20 ἕως 50 ο/ο ὀλιγώτερον τῶν πραγματικῶν τιμῶν. Οἱ ὀφείλοντες εἰς αὐτὸ παρακαλοῦνται νὰ προσέλθωσι πρὸς ἐξόφλησιν τῶν λογαριασμῶν των.

Τιμαὶ ὡρισμέναι

ΕΠΙΠΛΑ—ΕΠΙΠΛΑ

Θέλετε νὰ ἀντιληφθῆτε ἐκ τοῦ πλησίον ἕως ποῦ φθάνει ἡ πρόοδος τῆς ἑλληνικῆς τέχνης ;

Θέλετε νὰ ἐξευτελισθῆτε ὅλους ὅσοι προμηθεύονται ἐξ Εὐρώπης τὰ ἔπιπλα των ;

Δὲν ἔχετε παρὰ νὰ ἐπισκεφθῆτε τὸ τῆς ὁδοῦ Αἰόλου ἀριθ. 108 μοναδικὸν ἐργοστάσιον ἐπίπλων τοῦ κ. Κ. Νταβίου τοῦ γνωστοῦ Ἕλληνος ἐργοστασιάρχου, ἐπὶ εἰκοσαετίαν διευθύνοντος τὸ ἐργοστάσιον ἐπίπλων τοῦ Ὀρφανοτροφείου Χατζηκώστα, τοῦ ὁποίου τὰ κατασκευαζόμενα ἔπιπλα ἐζητοῦντο καταπληκτικῶς ἐξ ὅλων τῶν μερῶν.

Ὁ ἀριστοτέχνης ἐπιπλοποιὸς κ. Νταβίος κατήρτισεν εἰς τὸ ἐργοστάσιόν του πλουσίαν συλλογὴν ἐπίπλων. Ὅ,τι κανεὶς ἠμπορεῖ νὰ ζητήσῃ εἰς τὸ τελειότερον εὐρωπαϊκὸν ἐργοστάσιον θὰ τὸ εὕρῃ εἰς τὸ κατάστημα τοῦ κ. Νταβίου.

Στερεώτερον εὐθηνότερον κομψότερον

Τὸ σπουδαιότερον δὲ εἶνε ὅτι ὅλα εἶνε Εὐρωπαϊκώτατα μὲ ρυθμὸν Ἀγγλικὸν καὶ Γαλλικὸν καὶ κατεσκευασμένα ἀπὸ τελειοτάτην ξυλείαν τοῦ νεωτέρου εἴδους.

Εὐθηνία, κομψότης, στερεότης εἶνε τὸ σῆμα τοῦ ἐργοστασίου τοῦ κ. Νταβίου. Κλῖναι κάρυναι, πὸρτ-μαντὼ, Γραφεῖα, καρέκλαι τραπεζαρίας, νιπτῆρες μαρμάρινοι καρύναι, σερβάντ, ταπετσαρίαι πρώτης τάξεως, ντουλάπια.

ΕΙΣ ΤΟΥ ΝΤΑΒΙΟΥ

108 — Ὁδὸς Αἰόλου — 108

ΕΜΠΟΡΙΚΗ ΠΑΝΗΓΥΡΙΣ
ΑΛΙΒΕΡΙΟΥ (ΕΥΒΟΙΑΣ)

Ἀριθ. 446.

ΒΑΣΙΛΕΙΟΝ ΤΗΣ ΕΛΛΑΔΟΣ
Ο ΔΗΜΑΡΧΟΣ ΤΑΜΥΝΕΩΝ
Γνωστοποιεῖ ὅτι

Ἡ διὰ Β. Διατάγματος π. ἔτους συσταθεῖσα ἐν Ἀλιβερίῳ πρωτευούσῃ τοῦ Δήμου μας ἐμπορικὴ πανήγυρις καὶ τελουμένη κατ' ἔτος ἀπὸ τῆς 24 μέχρι 29 Σεπτεμβρίου θέλει γίνει καὶ ἐφέτος. Ὅθεν καλοῦνται οἱ βουλόμενοι ἐκ τῶν ἐμπορευομένων ὅπως προσέλθωσιν εἰς ταύτην βέβαιοι ὄντες ὅτι θέλουσι τύχει μεγάλης ὑποστηρίξεως παρ' ἡμῶν καὶ ἁπάντων τῶν κατοίκων.

Οἱ κ. κ. Δήμαρχοι πρὸς οὓς ἀποστέλλεται ἡ παροῦσα παρακαλοῦνται νὰ δώσωσιν εὐρεῖαν δημοσιότητα αὐτῆς.

Ὁ Δήμαρχος

(Τ.Σ.) Γ. Κ. Κόλιας

Σ. ΠΑΠΑΓΕΩΡΓΙΟΥ	ΝΕΑ ΑΓΓΛΙΚΑ ΚΑΣΜΗΡΙΑ
ΣΤΑΔΙΟΥ 43 ΕΝΑΝΤΙ ΤΟΥ ΑΡΣΑΚΕΙΟΥ	Θ. ΣΑΜΠΡΑΚΟΣ
